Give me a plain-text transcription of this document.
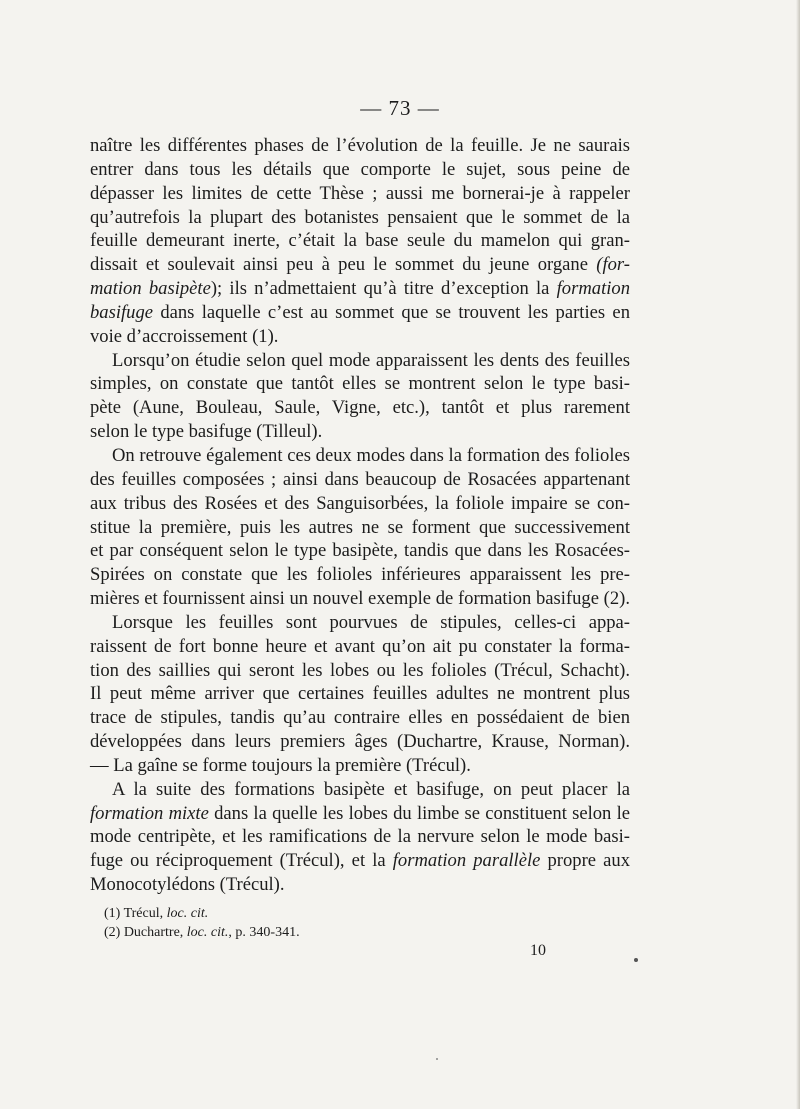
— 73 —
naître les différentes phases de l’évolution de la feuille. Je ne saurais
entrer dans tous les détails que comporte le sujet, sous peine de
dépasser les limites de cette Thèse ; aussi me bornerai-je à rappeler
qu’autrefois la plupart des botanistes pensaient que le sommet de la
feuille demeurant inerte, c’était la base seule du mamelon qui gran-
dissait et soulevait ainsi peu à peu le sommet du jeune organe (for-
mation basipète); ils n’admettaient qu’à titre d’exception la formation
basifuge dans laquelle c’est au sommet que se trouvent les parties en
voie d’accroissement (1).
Lorsqu’on étudie selon quel mode apparaissent les dents des feuilles
simples, on constate que tantôt elles se montrent selon le type basi-
pète (Aune, Bouleau, Saule, Vigne, etc.), tantôt et plus rarement
selon le type basifuge (Tilleul).
On retrouve également ces deux modes dans la formation des folioles
des feuilles composées ; ainsi dans beaucoup de Rosacées appartenant
aux tribus des Rosées et des Sanguisorbées, la foliole impaire se con-
stitue la première, puis les autres ne se forment que successivement
et par conséquent selon le type basipète, tandis que dans les Rosacées-
Spirées on constate que les folioles inférieures apparaissent les pre-
mières et fournissent ainsi un nouvel exemple de formation basifuge (2).
Lorsque les feuilles sont pourvues de stipules, celles-ci appa-
raissent de fort bonne heure et avant qu’on ait pu constater la forma-
tion des saillies qui seront les lobes ou les folioles (Trécul, Schacht).
Il peut même arriver que certaines feuilles adultes ne montrent plus
trace de stipules, tandis qu’au contraire elles en possédaient de bien
développées dans leurs premiers âges (Duchartre, Krause, Norman).
— La gaîne se forme toujours la première (Trécul).
A la suite des formations basipète et basifuge, on peut placer la
formation mixte dans la quelle les lobes du limbe se constituent selon le
mode centripète, et les ramifications de la nervure selon le mode basi-
fuge ou réciproquement (Trécul), et la formation parallèle propre aux
Monocotylédons (Trécul).
(1) Trécul, loc. cit.
(2) Duchartre, loc. cit., p. 340-341.
10
